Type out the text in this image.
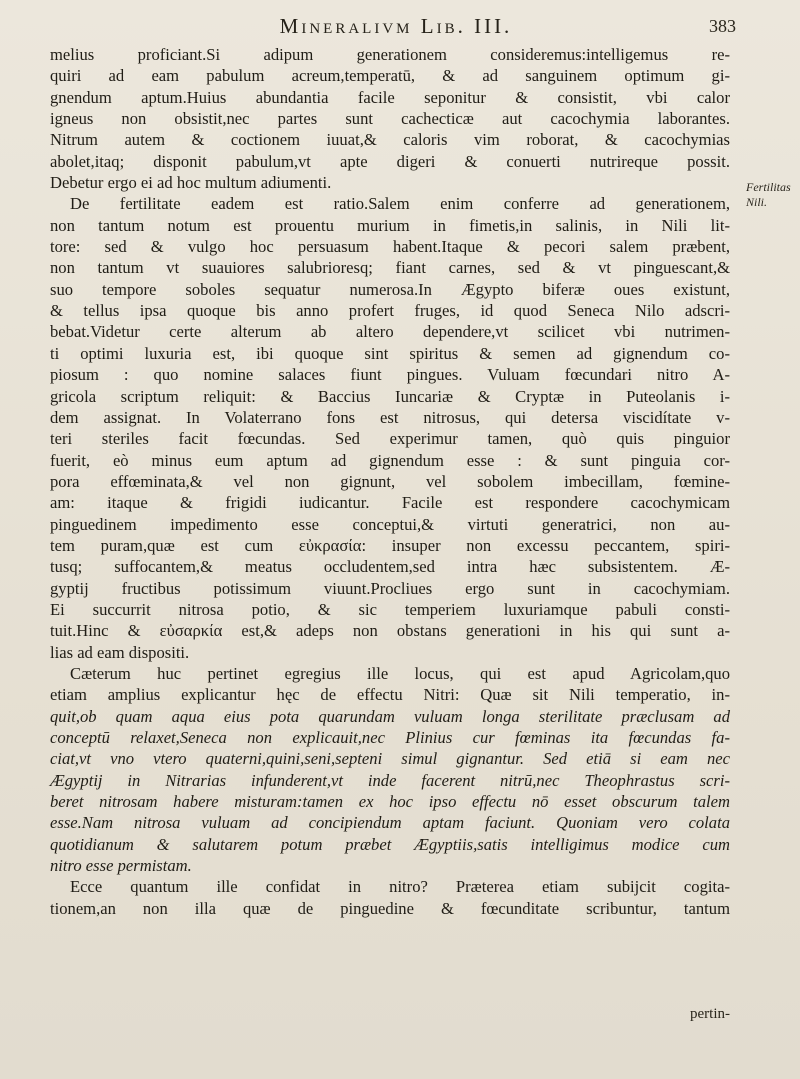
Mineralivm Lib. III.	383
Fertilitas
Nili.
melius proficiant.Si adipum generationem consideremus:intelligemus re-
quiri ad eam pabulum acreum,temperatū, & ad sanguinem optimum gi-
gnendum aptum.Huius abundantia facile seponitur & consistit, vbi calor
igneus non obsistit,nec partes sunt cachecticæ aut cacochymia laborantes.
Nitrum autem & coctionem iuuat,& caloris vim roborat, & cacochymias
abolet,itaq; disponit pabulum,vt apte digeri & conuerti nutrireque possit.
Debetur ergo ei ad hoc multum adiumenti.
De fertilitate eadem est ratio.Salem enim conferre ad generationem,
non tantum notum est prouentu murium in fimetis,in salinis, in Nili lit-
tore: sed & vulgo hoc persuasum habent.Itaque & pecori salem præbent,
non tantum vt suauiores salubrioresq; fiant carnes, sed & vt pinguescant,&
suo tempore soboles sequatur numerosa.In Ægypto biferæ oues existunt,
& tellus ipsa quoque bis anno profert fruges, id quod Seneca Nilo adscri-
bebat.Videtur certe alterum ab altero dependere,vt scilicet vbi nutrimen-
ti optimi luxuria est, ibi quoque sint spiritus & semen ad gignendum co-
piosum : quo nomine salaces fiunt pingues. Vuluam fœcundari nitro A-
gricola scriptum reliquit: & Baccius Iuncariæ & Cryptæ in Puteolanis i-
dem assignat. In Volaterrano fons est nitrosus, qui detersa viscidítate v-
teri steriles facit fœcundas. Sed experimur tamen, quò quis pinguior
fuerit, eò minus eum aptum ad gignendum esse : & sunt pinguia cor-
pora effœminata,& vel non gignunt, vel sobolem imbecillam, fœmine-
am: itaque & frigidi iudicantur. Facile est respondere cacochymicam
pinguedinem impedimento esse conceptui,& virtuti generatrici, non au-
tem puram,quæ est cum εὐκρασία: insuper non excessu peccantem, spiri-
tusq; suffocantem,& meatus occludentem,sed intra hæc subsistentem. Æ-
gyptij fructibus potissimum viuunt.Procliues ergo sunt in cacochymiam.
Ei succurrit nitrosa potio, & sic temperiem luxuriamque pabuli consti-
tuit.Hinc & εὐσαρκία est,& adeps non obstans generationi in his qui sunt a-
lias ad eam dispositi.
Cæterum huc pertinet egregius ille locus, qui est apud Agricolam,quo
etiam amplius explicantur hęc de effectu Nitri: Quæ sit Nili temperatio, in-
quit,ob quam aqua eius pota quarundam vuluam longa sterilitate præclusam ad
conceptū relaxet,Seneca non explicauit,nec Plinius cur fœminas ita fœcundas fa-
ciat,vt vno vtero quaterni,quini,seni,septeni simul gignantur. Sed etiā si eam nec
Ægyptij in Nitrarias infunderent,vt inde facerent nitrū,nec Theophrastus scri-
beret nitrosam habere misturam:tamen ex hoc ipso effectu nō esset obscurum talem
esse.Nam nitrosa vuluam ad concipiendum aptam faciunt. Quoniam vero colata
quotidianum & salutarem potum præbet Ægyptiis,satis intelligimus modice cum
nitro esse permistam.
Ecce quantum ille confidat in nitro? Præterea etiam subijcit cogita-
tionem,an non illa quæ de pinguedine & fœcunditate scribuntur, tantum
pertin-
